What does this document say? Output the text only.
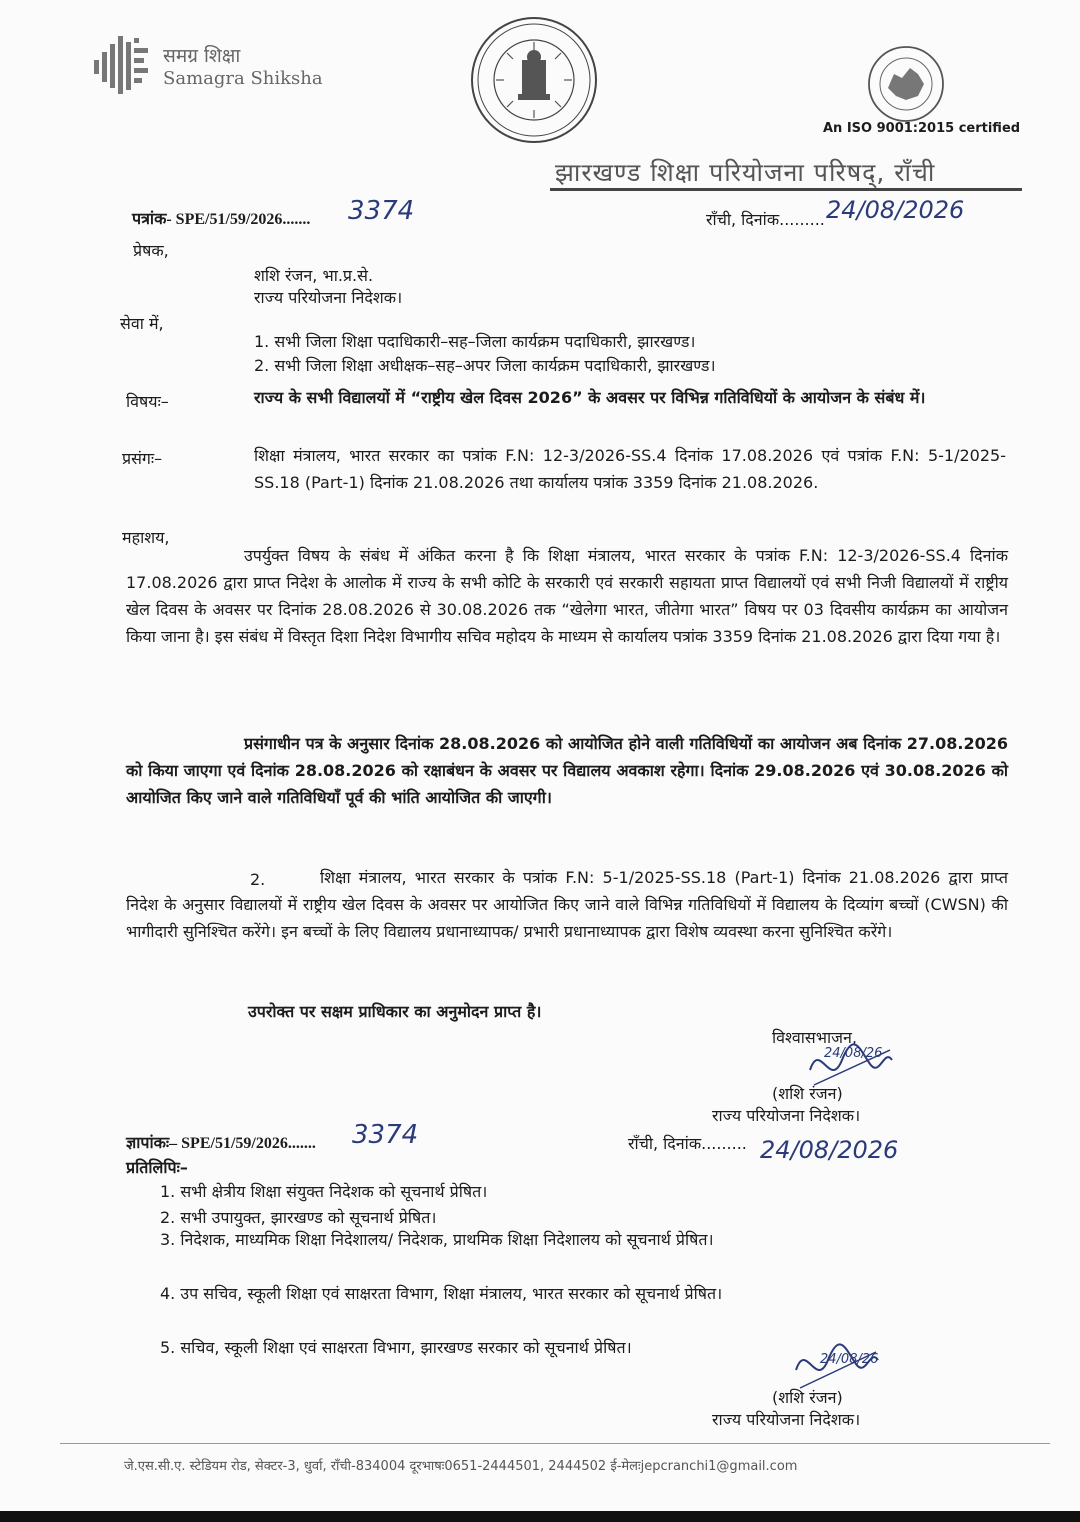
समग्र शिक्षा
Samagra Shiksha
An ISO 9001:2015 certified
झारखण्ड शिक्षा परियोजना परिषद्, राँची
पत्रांक- SPE/51/59/2026....... 3374	राँची, दिनांक......... 24/08/2026
प्रेषक,
शशि रंजन, भा.प्र.से.
राज्य परियोजना निदेशक।
सेवा में,
1. सभी जिला शिक्षा पदाधिकारी–सह–जिला कार्यक्रम पदाधिकारी, झारखण्ड।
2. सभी जिला शिक्षा अधीक्षक–सह–अपर जिला कार्यक्रम पदाधिकारी, झारखण्ड।
विषयः–	राज्य के सभी विद्यालयों में “राष्ट्रीय खेल दिवस 2026” के अवसर पर विभिन्न गतिविधियों के आयोजन के संबंध में।
प्रसंगः–	शिक्षा मंत्रालय, भारत सरकार का पत्रांक F.N: 12-3/2026-SS.4 दिनांक 17.08.2026 एवं पत्रांक F.N: 5-1/2025-SS.18 (Part-1) दिनांक 21.08.2026 तथा कार्यालय पत्रांक 3359 दिनांक 21.08.2026.
महाशय,
उपर्युक्त विषय के संबंध में अंकित करना है कि शिक्षा मंत्रालय, भारत सरकार के पत्रांक F.N: 12-3/2026-SS.4 दिनांक 17.08.2026 द्वारा प्राप्त निदेश के आलोक में राज्य के सभी कोटि के सरकारी एवं सरकारी सहायता प्राप्त विद्यालयों एवं सभी निजी विद्यालयों में राष्ट्रीय खेल दिवस के अवसर पर दिनांक 28.08.2026 से 30.08.2026 तक “खेलेगा भारत, जीतेगा भारत” विषय पर 03 दिवसीय कार्यक्रम का आयोजन किया जाना है। इस संबंध में विस्तृत दिशा निदेश विभागीय सचिव महोदय के माध्यम से कार्यालय पत्रांक 3359 दिनांक 21.08.2026 द्वारा दिया गया है।
प्रसंगाधीन पत्र के अनुसार दिनांक 28.08.2026 को आयोजित होने वाली गतिविधियों का आयोजन अब दिनांक 27.08.2026 को किया जाएगा एवं दिनांक 28.08.2026 को रक्षाबंधन के अवसर पर विद्यालय अवकाश रहेगा। दिनांक 29.08.2026 एवं 30.08.2026 को आयोजित किए जाने वाले गतिविधियाँ पूर्व की भांति आयोजित की जाएगी।
2.	शिक्षा मंत्रालय, भारत सरकार के पत्रांक F.N: 5-1/2025-SS.18 (Part-1) दिनांक 21.08.2026 द्वारा प्राप्त निदेश के अनुसार विद्यालयों में राष्ट्रीय खेल दिवस के अवसर पर आयोजित किए जाने वाले विभिन्न गतिविधियों में विद्यालय के दिव्यांग बच्चों (CWSN) की भागीदारी सुनिश्चित करेंगे। इन बच्चों के लिए विद्यालय प्रधानाध्यापक/ प्रभारी प्रधानाध्यापक द्वारा विशेष व्यवस्था करना सुनिश्चित करेंगे।
उपरोक्त पर सक्षम प्राधिकार का अनुमोदन प्राप्त है।
विश्वासभाजन,
24/08/26
(शशि रंजन)
राज्य परियोजना निदेशक।
ज्ञापांकः– SPE/51/59/2026....... 3374	राँची, दिनांक......... 24/08/2026
प्रतिलिपिः–
1. सभी क्षेत्रीय शिक्षा संयुक्त निदेशक को सूचनार्थ प्रेषित।
2. सभी उपायुक्त, झारखण्ड को सूचनार्थ प्रेषित।
3. निदेशक, माध्यमिक शिक्षा निदेशालय/ निदेशक, प्राथमिक शिक्षा निदेशालय को सूचनार्थ प्रेषित।
4. उप सचिव, स्कूली शिक्षा एवं साक्षरता विभाग, शिक्षा मंत्रालय, भारत सरकार को सूचनार्थ प्रेषित।
5. सचिव, स्कूली शिक्षा एवं साक्षरता विभाग, झारखण्ड सरकार को सूचनार्थ प्रेषित।
24/08/26
(शशि रंजन)
राज्य परियोजना निदेशक।
जे.एस.सी.ए. स्टेडियम रोड, सेक्टर-3, धुर्वा, राँची-834004 दूरभाषः0651-2444501, 2444502 ई-मेलःjepcranchi1@gmail.com
